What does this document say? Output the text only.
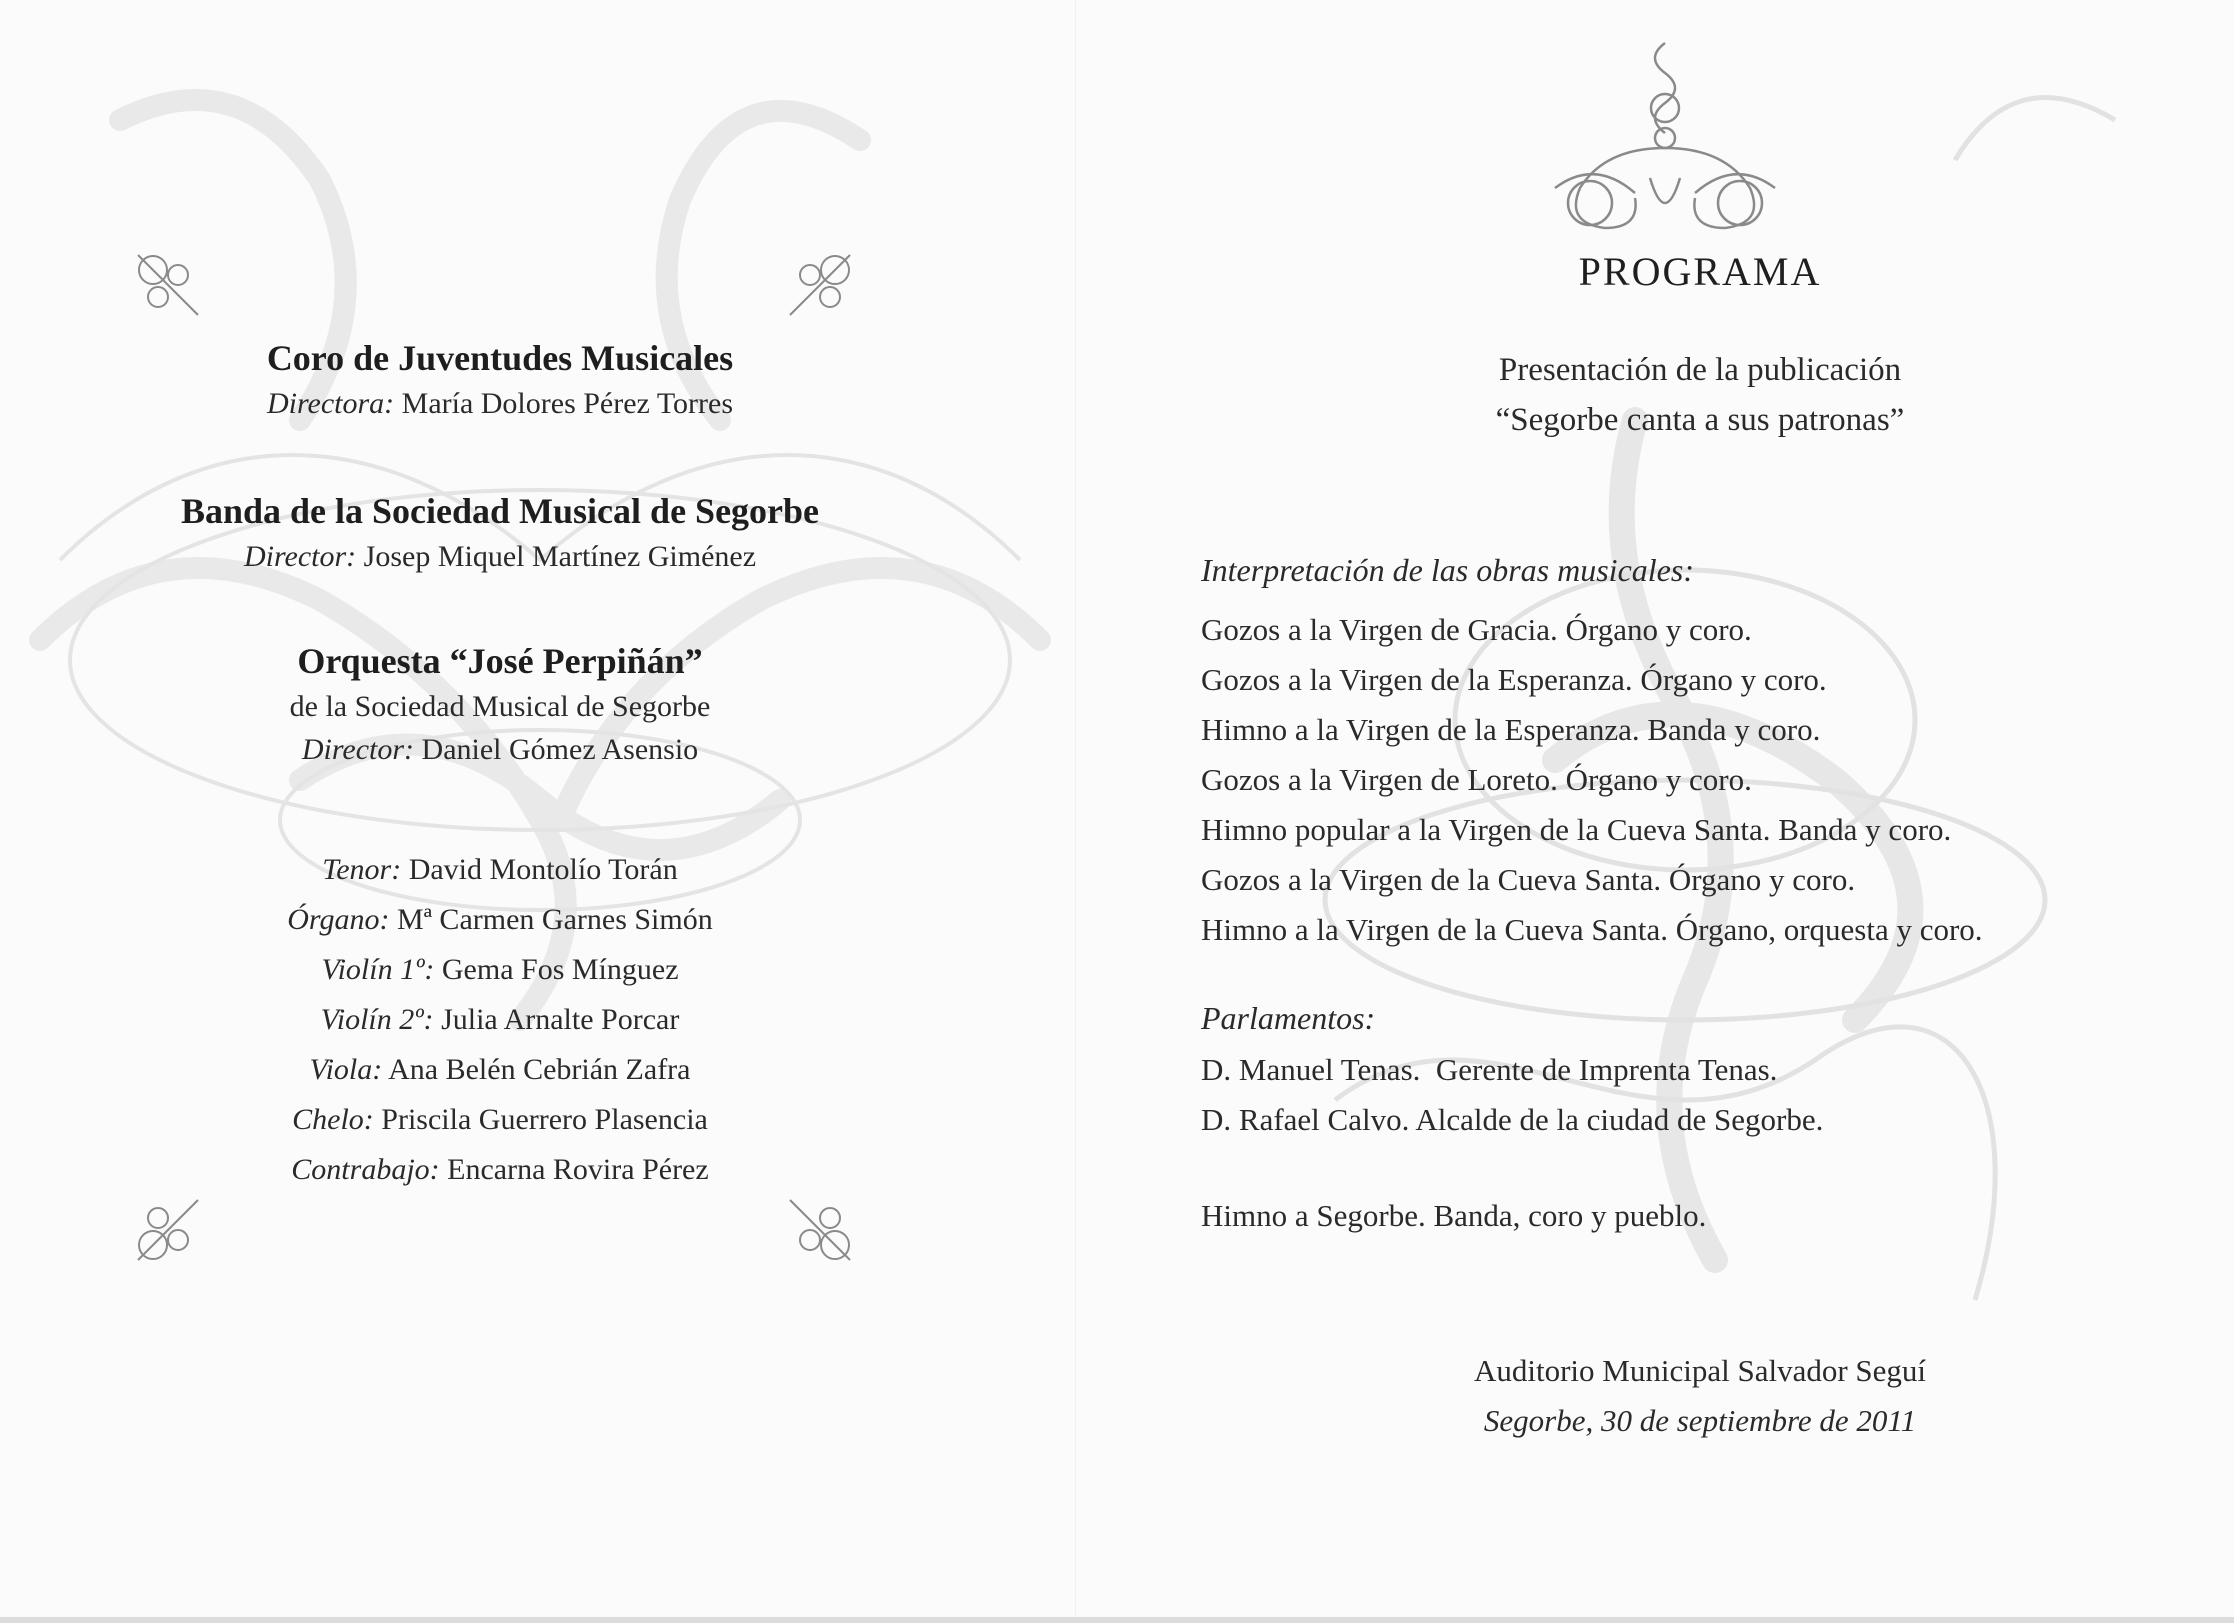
Coro de Juventudes Musicales
Directora: María Dolores Pérez Torres
Banda de la Sociedad Musical de Segorbe
Director: Josep Miquel Martínez Giménez
Orquesta “José Perpiñán”
de la Sociedad Musical de Segorbe
Director: Daniel Gómez Asensio
Tenor: David Montolío Torán
Órgano: Mª Carmen Garnes Simón
Violín 1º: Gema Fos Mínguez
Violín 2º: Julia Arnalte Porcar
Viola: Ana Belén Cebrián Zafra
Chelo: Priscila Guerrero Plasencia
Contrabajo: Encarna Rovira Pérez
PROGRAMA
Presentación de la publicación
“Segorbe canta a sus patronas”
Interpretación de las obras musicales:
Gozos a la Virgen de Gracia. Órgano y coro.
Gozos a la Virgen de la Esperanza. Órgano y coro.
Himno a la Virgen de la Esperanza. Banda y coro.
Gozos a la Virgen de Loreto. Órgano y coro.
Himno popular a la Virgen de la Cueva Santa. Banda y coro.
Gozos a la Virgen de la Cueva Santa. Órgano y coro.
Himno a la Virgen de la Cueva Santa. Órgano, orquesta y coro.
Parlamentos:
D. Manuel Tenas.  Gerente de Imprenta Tenas.
D. Rafael Calvo. Alcalde de la ciudad de Segorbe.
Himno a Segorbe. Banda, coro y pueblo.
Auditorio Municipal Salvador Seguí
Segorbe, 30 de septiembre de 2011
